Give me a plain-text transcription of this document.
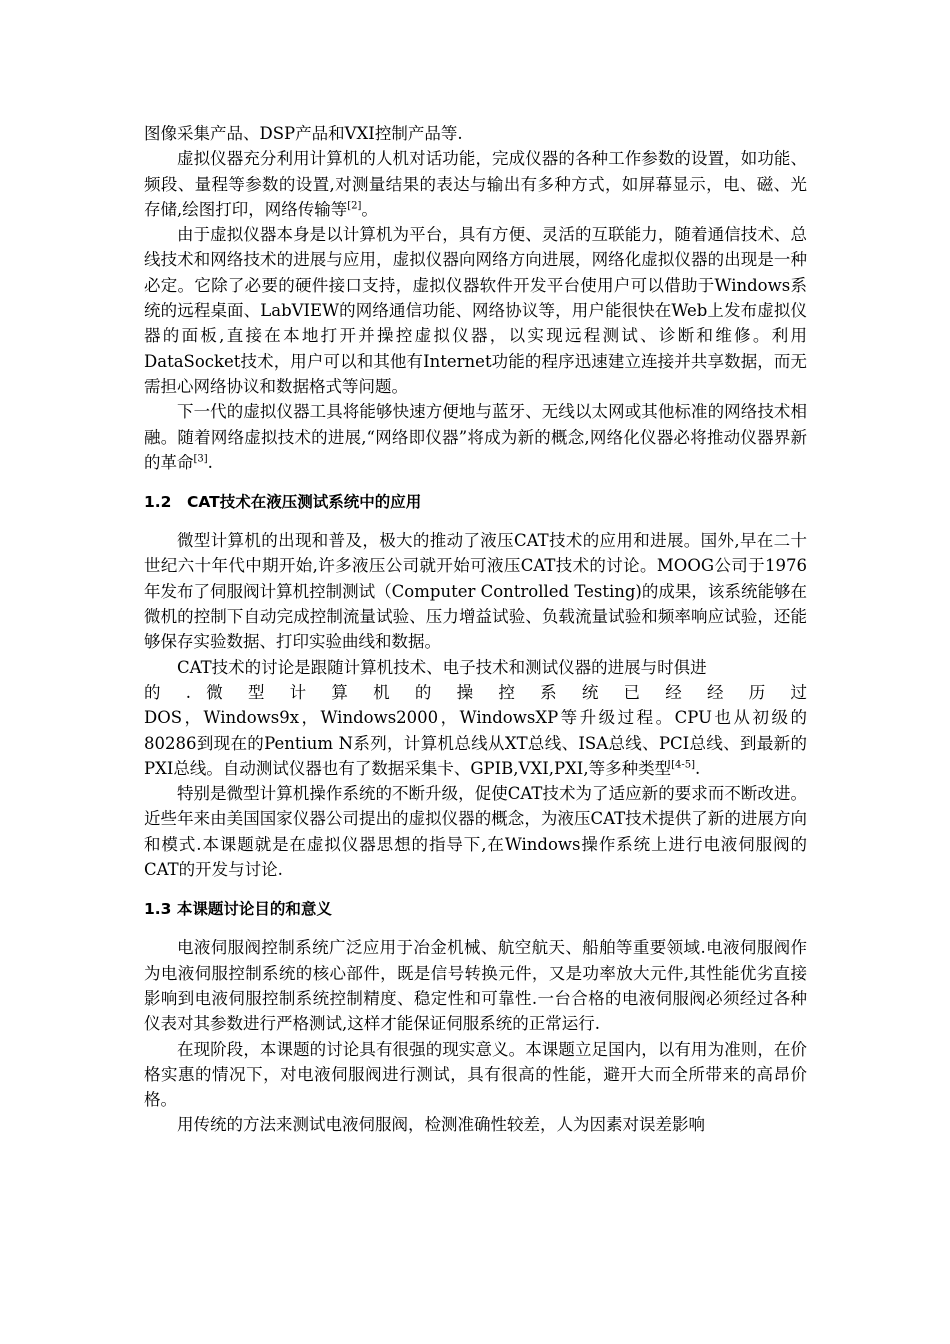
图像采集产品、DSP产品和VXI控制产品等.

虚拟仪器充分利用计算机的人机对话功能，完成仪器的各种工作参数的设置，如功能、频段、量程等参数的设置,对测量结果的表达与输出有多种方式，如屏幕显示，电、磁、光存储,绘图打印，网络传输等[2]。

由于虚拟仪器本身是以计算机为平台，具有方便、灵活的互联能力，随着通信技术、总线技术和网络技术的进展与应用，虚拟仪器向网络方向进展，网络化虚拟仪器的出现是一种必定。它除了必要的硬件接口支持，虚拟仪器软件开发平台使用户可以借助于Windows系统的远程桌面、LabVIEW的网络通信功能、网络协议等，用户能很快在Web上发布虚拟仪器的面板,直接在本地打开并操控虚拟仪器，以实现远程测试、诊断和维修。利用DataSocket技术，用户可以和其他有Internet功能的程序迅速建立连接并共享数据，而无需担心网络协议和数据格式等问题。

下一代的虚拟仪器工具将能够快速方便地与蓝牙、无线以太网或其他标准的网络技术相融。随着网络虚拟技术的进展,“网络即仪器”将成为新的概念,网络化仪器必将推动仪器界新的革命[3].

1.2　CAT技术在液压测试系统中的应用

微型计算机的出现和普及，极大的推动了液压CAT技术的应用和进展。国外,早在二十世纪六十年代中期开始,许多液压公司就开始可液压CAT技术的讨论。MOOG公司于1976年发布了伺服阀计算机控制测试（Computer Controlled Testing)的成果，该系统能够在微机的控制下自动完成控制流量试验、压力增益试验、负载流量试验和频率响应试验，还能够保存实验数据、打印实验曲线和数据。

CAT技术的讨论是跟随计算机技术、电子技术和测试仪器的进展与时俱进

的 . 微 型 计 算 机 的 操 控 系 统 已 经 经 历 过

DOS，Windows9x，Windows2000，WindowsXP等升级过程。CPU也从初级的80286到现在的Pentium N系列，计算机总线从XT总线、ISA总线、PCI总线、到最新的PXI总线。自动测试仪器也有了数据采集卡、GPIB,VXI,PXI,等多种类型[4-5].

特别是微型计算机操作系统的不断升级，促使CAT技术为了适应新的要求而不断改进。近些年来由美国国家仪器公司提出的虚拟仪器的概念，为液压CAT技术提供了新的进展方向和模式.本课题就是在虚拟仪器思想的指导下,在Windows操作系统上进行电液伺服阀的CAT的开发与讨论.

1.3 本课题讨论目的和意义

电液伺服阀控制系统广泛应用于冶金机械、航空航天、船舶等重要领域.电液伺服阀作为电液伺服控制系统的核心部件，既是信号转换元件，又是功率放大元件,其性能优劣直接影响到电液伺服控制系统控制精度、稳定性和可靠性.一台合格的电液伺服阀必须经过各种仪表对其参数进行严格测试,这样才能保证伺服系统的正常运行.

在现阶段，本课题的讨论具有很强的现实意义。本课题立足国内，以有用为准则，在价格实惠的情况下，对电液伺服阀进行测试，具有很高的性能，避开大而全所带来的高昂价格。

用传统的方法来测试电液伺服阀，检测准确性较差，人为因素对误差影响
